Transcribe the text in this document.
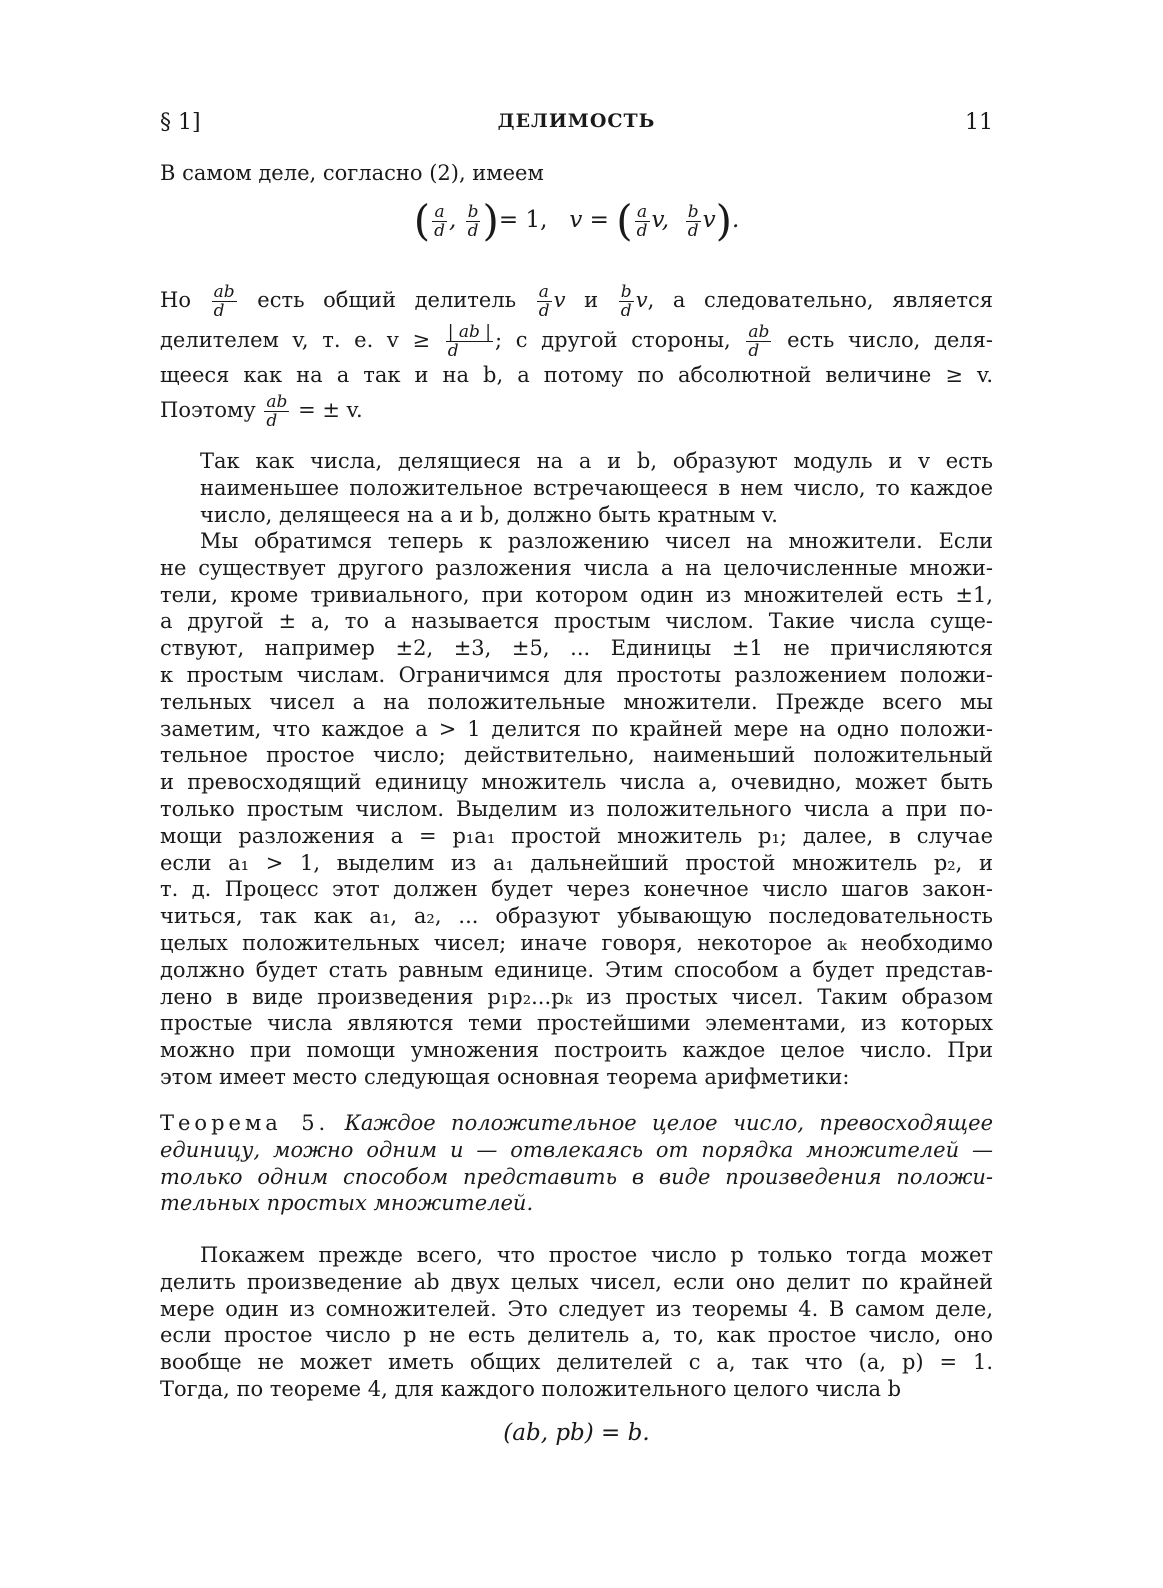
§ 1]	ДЕЛИМОСТЬ	11
В самом деле, согласно (2), имеем
( $\frac{a}{d}$ , $\frac{b}{d}$ )= 1, v = ( $\frac{a}{d} v$, $\frac{b}{d} v$).
Но $\frac{ab}{d}$ есть общий делитель $\frac{a}{d}$ v и $\frac{b}{d} v$, а следовательно, является
делителем v, т. е. $v \ge \frac{| ab |}{d}$ ; с другой стороны, $\frac{ab}{d}$ есть число, деля-
щееся как на a так и на b, а потому по абсолютной величине ≥ v.
Поэтому $\frac{ab}{d}$ = ± v.
Так как числа, делящиеся на a и b, образуют модуль и v есть
наименьшее положительное встречающееся в нем число, то каждое
число, делящееся на a и b, должно быть кратным v.
Мы обратимся теперь к разложению чисел на множители. Если
не существует другого разложения числа a на целочисленные множи-
тели, кроме тривиального, при котором один из множителей есть ±1,
а другой ± a, то a называется простым числом. Такие числа суще-
ствуют, например ±2, ±3, ±5, ... Единицы ±1 не причисляются
к простым числам. Ограничимся для простоты разложением положи-
тельных чисел a на положительные множители. Прежде всего мы
заметим, что каждое a > 1 делится по крайней мере на одно положи-
тельное простое число; действительно, наименьший положительный
и превосходящий единицу множитель числа a, очевидно, может быть
только простым числом. Выделим из положительного числа a при по-
мощи разложения a = p₁a₁ простой множитель p₁; далее, в случае
если a₁ > 1, выделим из a₁ дальнейший простой множитель p₂, и
т. д. Процесс этот должен будет через конечное число шагов закон-
читься, так как a₁, a₂, ... образуют убывающую последовательность
целых положительных чисел; иначе говоря, некоторое aₖ необходимо
должно будет стать равным единице. Этим способом a будет представ-
лено в виде произведения p₁p₂...pₖ из простых чисел. Таким образом
простые числа являются теми простейшими элементами, из которых
можно при помощи умножения построить каждое целое число. При
этом имеет место следующая основная теорема арифметики:
Теорема 5. Каждое положительное целое число, превосходящее
единицу, можно одним и — отвлекаясь от порядка множителей —
только одним способом представить в виде произведения положи-
тельных простых множителей.
Покажем прежде всего, что простое число p только тогда может
делить произведение ab двух целых чисел, если оно делит по крайней
мере один из сомножителей. Это следует из теоремы 4. В самом деле,
если простое число p не есть делитель a, то, как простое число, оно
вообще не может иметь общих делителей с a, так что (a, p) = 1.
Тогда, по теореме 4, для каждого положительного целого числа b
(ab, pb) = b.
